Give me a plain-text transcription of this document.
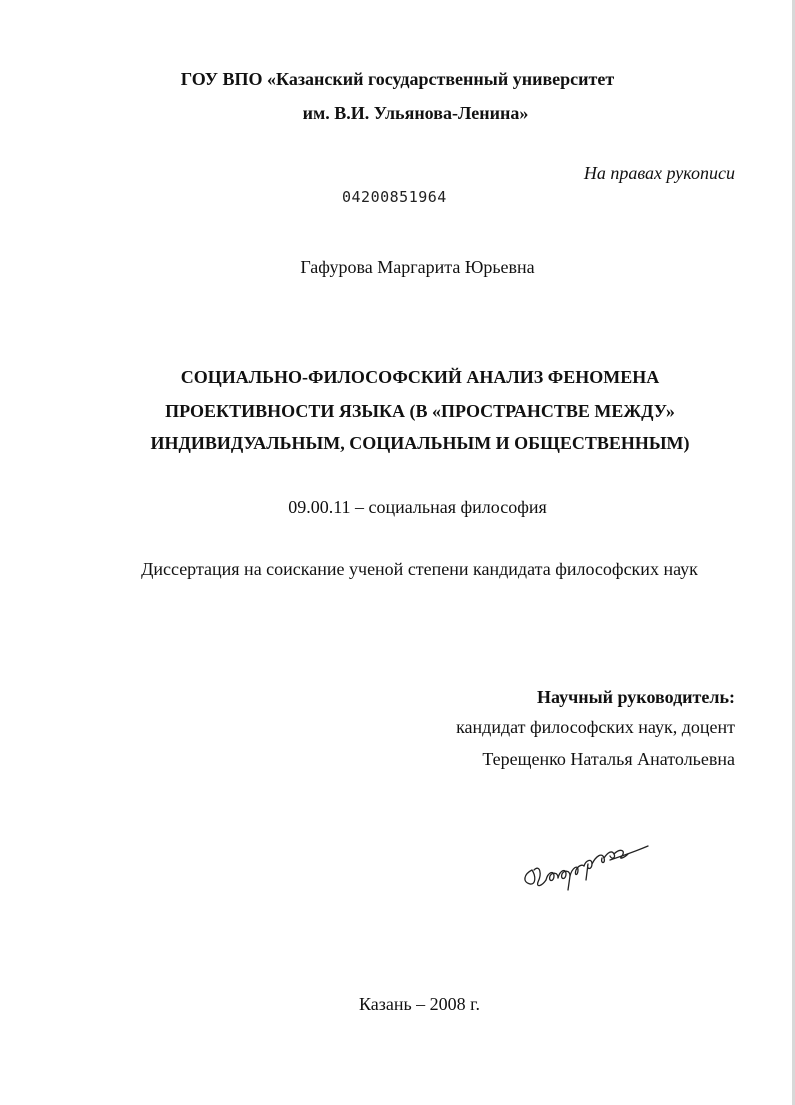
ГОУ ВПО «Казанский государственный университет
им. В.И. Ульянова-Ленина»
На правах рукописи
04200851964
Гафурова Маргарита Юрьевна
СОЦИАЛЬНО-ФИЛОСОФСКИЙ АНАЛИЗ ФЕНОМЕНА
ПРОЕКТИВНОСТИ ЯЗЫКА (В «ПРОСТРАНСТВЕ МЕЖДУ»
ИНДИВИДУАЛЬНЫМ, СОЦИАЛЬНЫМ И ОБЩЕСТВЕННЫМ)
09.00.11 – социальная философия
Диссертация на соискание ученой степени кандидата философских наук
Научный руководитель:
кандидат философских наук, доцент
Терещенко Наталья Анатольевна
Казань – 2008 г.
